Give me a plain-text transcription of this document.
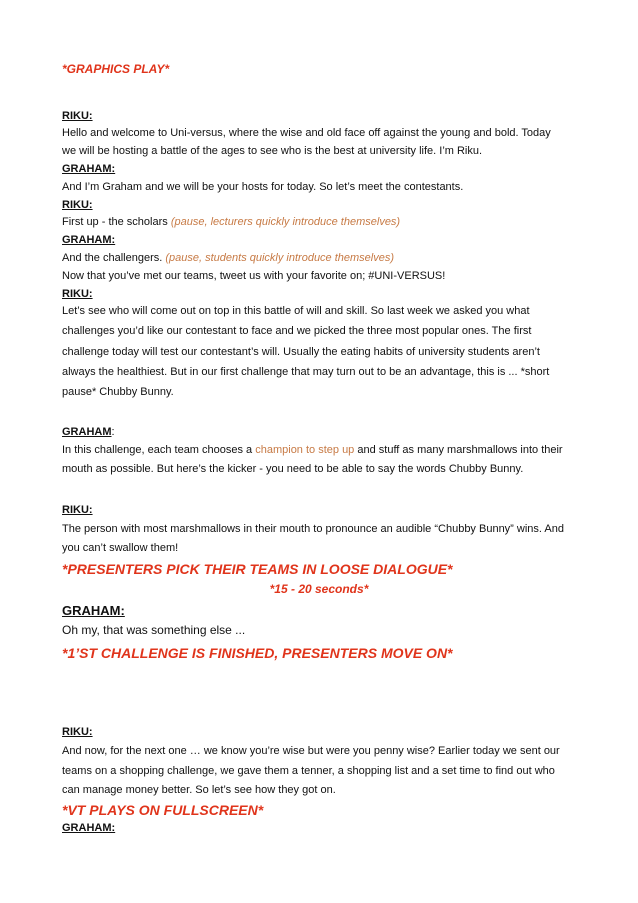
*GRAPHICS PLAY*
RIKU:
Hello and welcome to Uni-versus, where the wise and old face off against the young and bold. Today
we will be hosting a battle of the ages to see who is the best at university life. I’m Riku.
GRAHAM:
And I’m Graham and we will be your hosts for today. So let’s meet the contestants.
RIKU:
First up - the scholars (pause, lecturers quickly introduce themselves)
GRAHAM:
And the challengers. (pause, students quickly introduce themselves)
Now that you’ve met our teams, tweet us with your favorite on; #UNI-VERSUS!
RIKU:
Let’s see who will come out on top in this battle of will and skill. So last week we asked you what
challenges you’d like our contestant to face and we picked the three most popular ones. The first
challenge today will test our contestant’s will. Usually the eating habits of university students aren’t
always the healthiest. But in our first challenge that may turn out to be an advantage, this is ... *short
pause* Chubby Bunny.
GRAHAM:
In this challenge, each team chooses a champion to step up and stuff as many marshmallows into their
mouth as possible. But here’s the kicker - you need to be able to say the words Chubby Bunny.
RIKU:
The person with most marshmallows in their mouth to pronounce an audible “Chubby Bunny” wins. And
you can’t swallow them!
*PRESENTERS PICK THEIR TEAMS IN LOOSE DIALOGUE*
*15 - 20 seconds*
GRAHAM:
Oh my, that was something else ...
*1’ST CHALLENGE IS FINISHED, PRESENTERS MOVE ON*
RIKU:
And now, for the next one … we know you’re wise but were you penny wise? Earlier today we sent our
teams on a shopping challenge, we gave them a tenner, a shopping list and a set time to find out who
can manage money better. So let’s see how they got on.
*VT PLAYS ON FULLSCREEN*
GRAHAM:
